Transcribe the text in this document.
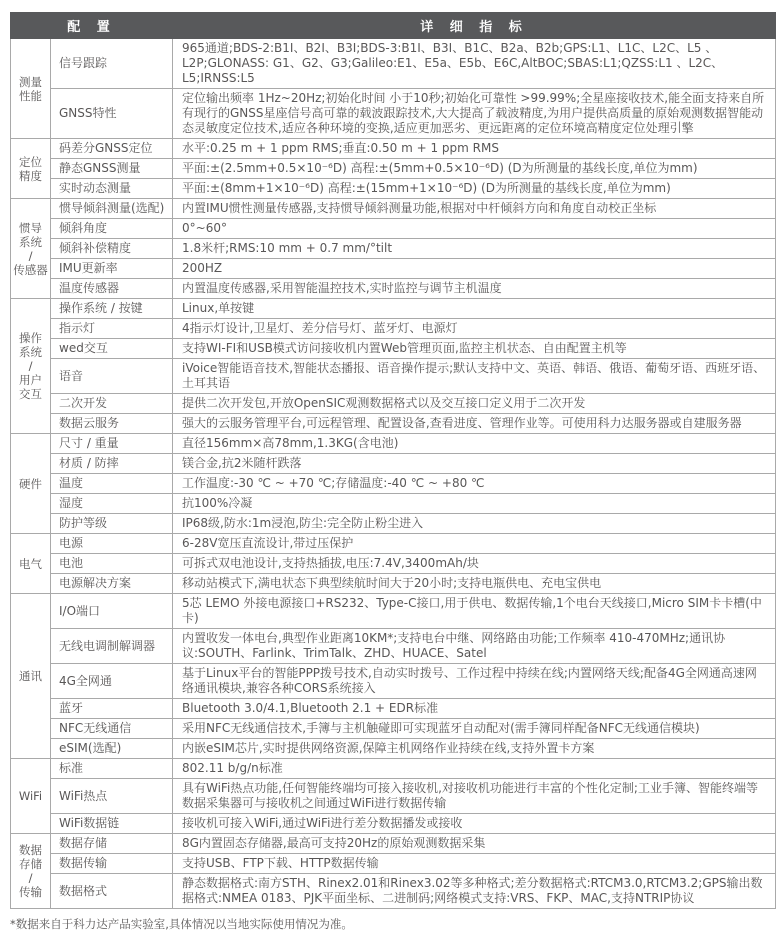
配 置		详 细 指 标

测量
性能	信号跟踪	965通道;BDS-2:B1I、B2I、B3I;BDS-3:B1I、B3I、B1C、B2a、B2b;GPS:L1、L1C、L2C、L5 、L2P;GLONASS: G1、G2、G3;Galileo:E1、E5a、E5b、E6C,AltBOC;SBAS:L1;QZSS:L1 、L2C、L5;IRNSS:L5
	GNSS特性	定位输出频率 1Hz~20Hz;初始化时间 小于10秒;初始化可靠性 >99.99%;全星座接收技术,能全面支持来自所有现行的GNSS星座信号高可靠的载波跟踪技术,大大提高了载波精度,为用户提供高质量的原始观测数据智能动态灵敏度定位技术,适应各种环境的变换,适应更加恶劣、更远距离的定位环境高精度定位处理引擎

定位
精度	码差分GNSS定位	水平:0.25 m + 1 ppm RMS;垂直:0.50 m + 1 ppm RMS
	静态GNSS测量	平面:±(2.5mm+0.5×10⁻⁶D) 高程:±(5mm+0.5×10⁻⁶D) (D为所测量的基线长度,单位为mm)
	实时动态测量	平面:±(8mm+1×10⁻⁶D) 高程:±(15mm+1×10⁻⁶D) (D为所测量的基线长度,单位为mm)

惯导
系统
/
传感器	惯导倾斜测量(选配)	内置IMU惯性测量传感器,支持惯导倾斜测量功能,根据对中杆倾斜方向和角度自动校正坐标
	倾斜角度	0°~60°
	倾斜补偿精度	1.8米杆;RMS:10 mm + 0.7 mm/°tilt
	IMU更新率	200HZ
	温度传感器	内置温度传感器,采用智能温控技术,实时监控与调节主机温度

操作
系统
/
用户
交互	操作系统 / 按键	Linux,单按键
	指示灯	4指示灯设计,卫星灯、差分信号灯、蓝牙灯、电源灯
	wed交互	支持WI-FI和USB模式访问接收机内置Web管理页面,监控主机状态、自由配置主机等
	语音	iVoice智能语音技术,智能状态播报、语音操作提示;默认支持中文、英语、韩语、俄语、葡萄牙语、西班牙语、土耳其语
	二次开发	提供二次开发包,开放OpenSIC观测数据格式以及交互接口定义用于二次开发
	数据云服务	强大的云服务管理平台,可远程管理、配置设备,查看进度、管理作业等。可使用科力达服务器或自建服务器

硬件	尺寸 / 重量	直径156mm×高78mm,1.3KG(含电池)
	材质 / 防摔	镁合金,抗2米随杆跌落
	温度	工作温度:-30 ℃ ~ +70 ℃;存储温度:-40 ℃ ~ +80 ℃
	湿度	抗100%冷凝
	防护等级	IP68级,防水:1m浸泡,防尘:完全防止粉尘进入

电气	电源	6-28V宽压直流设计,带过压保护
	电池	可拆式双电池设计,支持热插拔,电压:7.4V,3400mAh/块
	电源解决方案	移动站模式下,满电状态下典型续航时间大于20小时;支持电瓶供电、充电宝供电

通讯	I/O端口	5芯 LEMO 外接电源接口+RS232、Type-C接口,用于供电、数据传输,1个电台天线接口,Micro SIM卡卡槽(中卡)
	无线电调制解调器	内置收发一体电台,典型作业距离10KM*;支持电台中继、网络路由功能;工作频率 410-470MHz;通讯协议:SOUTH、Farlink、TrimTalk、ZHD、HUACE、Satel
	4G全网通	基于Linux平台的智能PPP拨号技术,自动实时拨号、工作过程中持续在线;内置网络天线;配备4G全网通高速网络通讯模块,兼容各种CORS系统接入
	蓝牙	Bluetooth 3.0/4.1,Bluetooth 2.1 + EDR标准
	NFC无线通信	采用NFC无线通信技术,手簿与主机触碰即可实现蓝牙自动配对(需手簿同样配备NFC无线通信模块)
	eSIM(选配)	内嵌eSIM芯片,实时提供网络资源,保障主机网络作业持续在线,支持外置卡方案

WiFi	标准	802.11 b/g/n标准
	WiFi热点	具有WiFi热点功能,任何智能终端均可接入接收机,对接收机功能进行丰富的个性化定制;工业手簿、智能终端等数据采集器可与接收机之间通过WiFi进行数据传输
	WiFi数据链	接收机可接入WiFi,通过WiFi进行差分数据播发或接收

数据
存储
/
传输	数据存储	8G内置固态存储器,最高可支持20Hz的原始观测数据采集
	数据传输	支持USB、FTP下载、HTTP数据传输
	数据格式	静态数据格式:南方STH、Rinex2.01和Rinex3.02等多种格式;差分数据格式:RTCM3.0,RTCM3.2;GPS输出数据格式:NMEA 0183、PJK平面坐标、二进制码;网络模式支持:VRS、FKP、MAC,支持NTRIP协议
*数据来自于科力达产品实验室,具体情况以当地实际使用情况为准。
